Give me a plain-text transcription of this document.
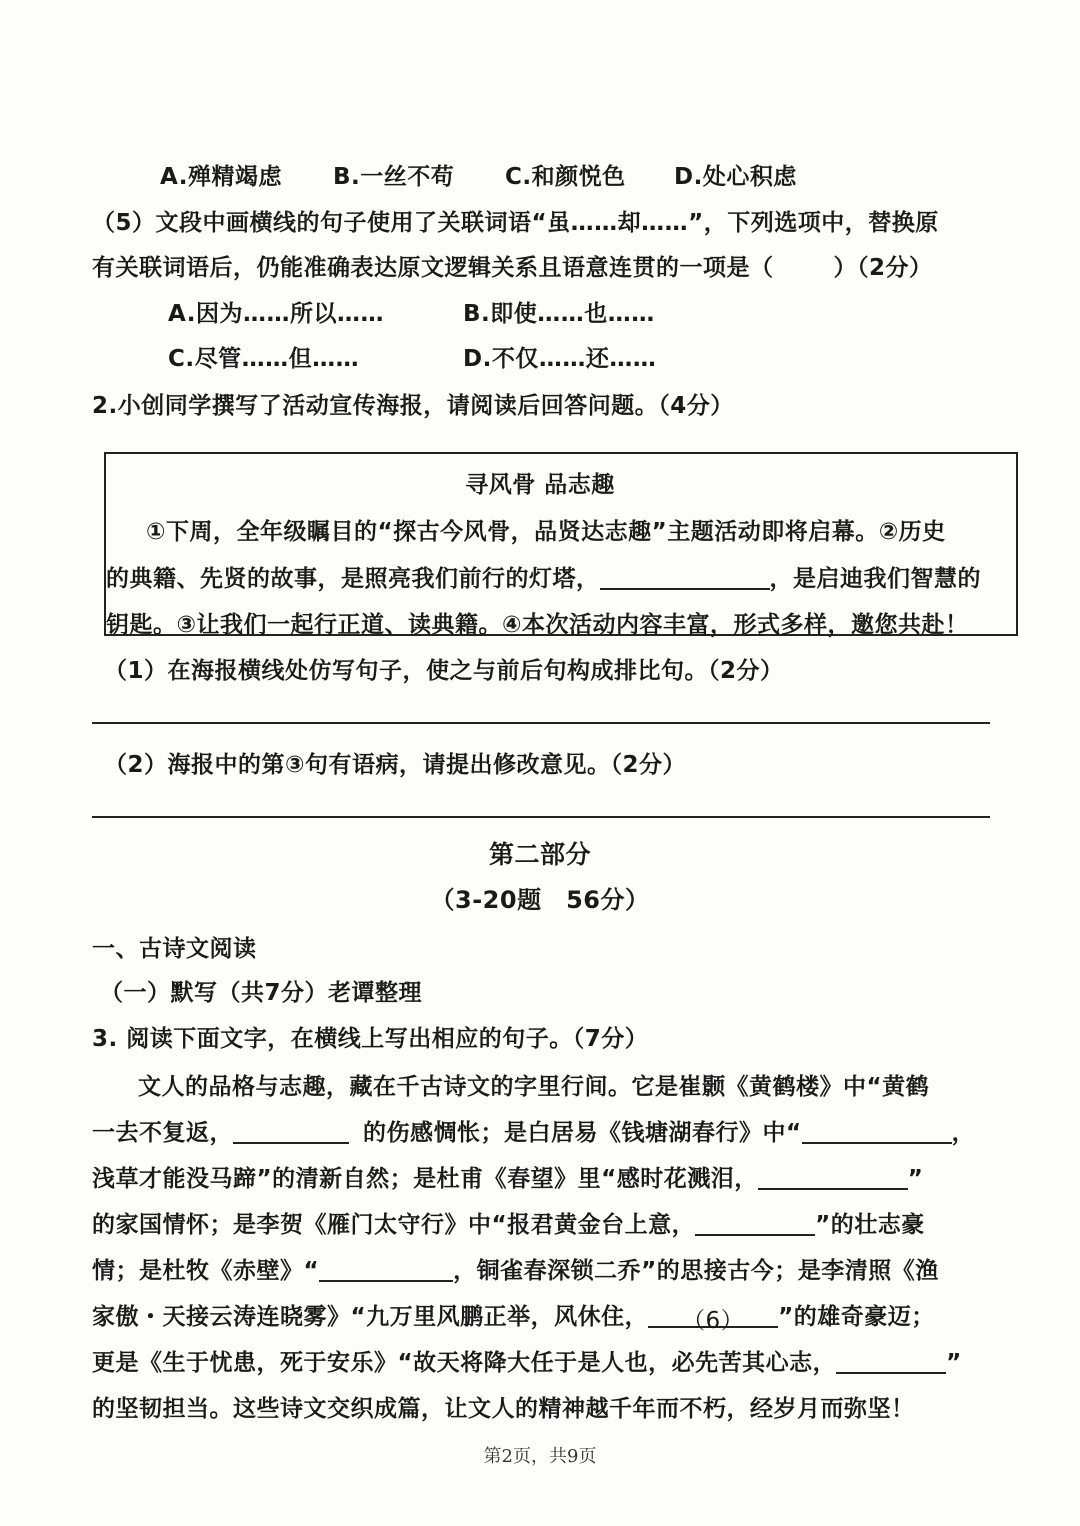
A.殚精竭虑 B.一丝不苟 C.和颜悦色 D.处心积虑
（5）文段中画横线的句子使用了关联词语“虽……却……”，下列选项中，替换原
有关联词语后，仍能准确表达原文逻辑关系且语意连贯的一项是（	）（2分）
A.因为……所以……	B.即使……也……
C.尽管……但……	D.不仅……还……
2.小创同学撰写了活动宣传海报，请阅读后回答问题。（4分）
寻风骨 品志趣
①下周，全年级瞩目的“探古今风骨，品贤达志趣”主题活动即将启幕。②历史
的典籍、先贤的故事，是照亮我们前行的灯塔，	，是启迪我们智慧的
钥匙。③让我们一起行正道、读典籍。④本次活动内容丰富，形式多样，邀您共赴！
（1）在海报横线处仿写句子，使之与前后句构成排比句。（2分）
（2）海报中的第③句有语病，请提出修改意见。（2分）
第二部分
（3-20题　56分）
一、古诗文阅读
（一）默写（共7分）老谭整理
3. 阅读下面文字，在横线上写出相应的句子。（7分）
文人的品格与志趣，藏在千古诗文的字里行间。它是崔颢《黄鹤楼》中“黄鹤
一去不复返，	的伤感惆怅；是白居易《钱塘湖春行》中“	，
浅草才能没马蹄”的清新自然；是杜甫《春望》里“感时花溅泪，	”
的家国情怀；是李贺《雁门太守行》中“报君黄金台上意，	”的壮志豪
情；是杜牧《赤壁》“	，铜雀春深锁二乔”的思接古今；是李清照《渔
家傲・天接云涛连晓雾》“九万里风鹏正举，风休住， （6） ”的雄奇豪迈；
更是《生于忧患，死于安乐》“故天将降大任于是人也，必先苦其心志，	”
的坚韧担当。这些诗文交织成篇，让文人的精神越千年而不朽，经岁月而弥坚！
第2页，共9页
